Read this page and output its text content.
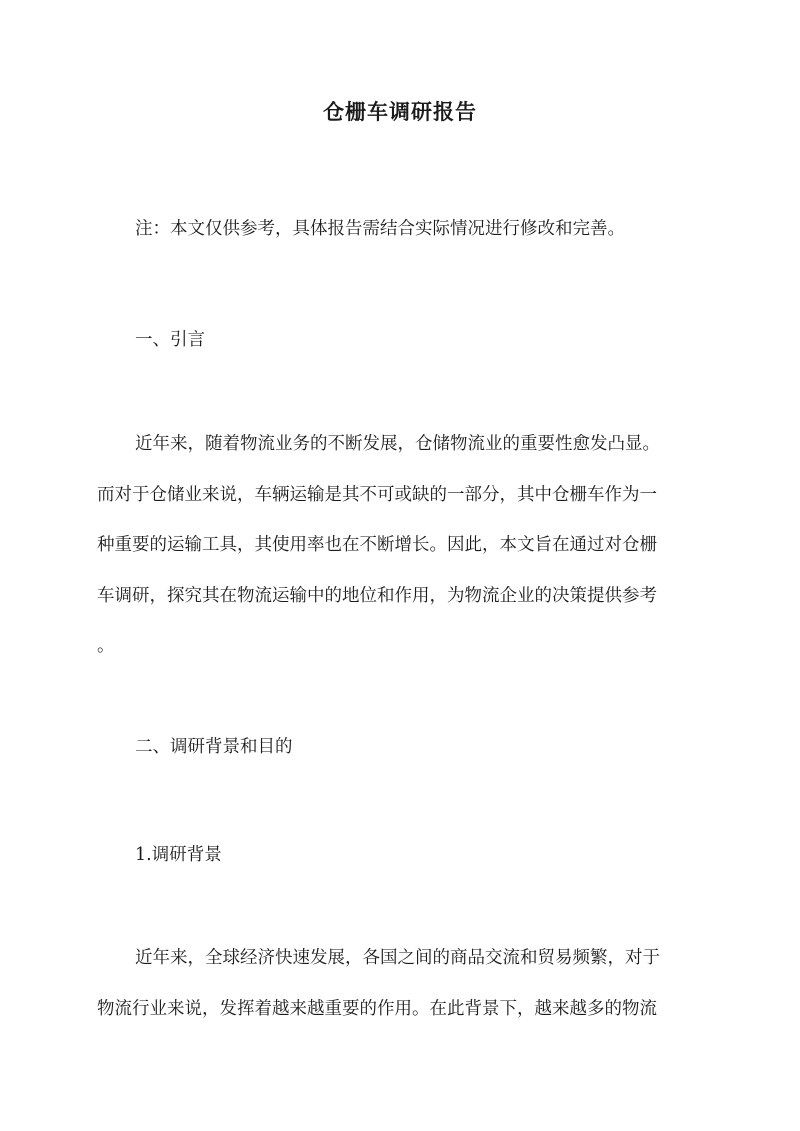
仓栅车调研报告

注：本文仅供参考，具体报告需结合实际情况进行修改和完善。

一、引言

近年来，随着物流业务的不断发展，仓储物流业的重要性愈发凸显。
而对于仓储业来说，车辆运输是其不可或缺的一部分，其中仓栅车作为一
种重要的运输工具，其使用率也在不断增长。因此，本文旨在通过对仓栅
车调研，探究其在物流运输中的地位和作用，为物流企业的决策提供参考
。

二、调研背景和目的

1.调研背景

近年来，全球经济快速发展，各国之间的商品交流和贸易频繁，对于
物流行业来说，发挥着越来越重要的作用。在此背景下，越来越多的物流
